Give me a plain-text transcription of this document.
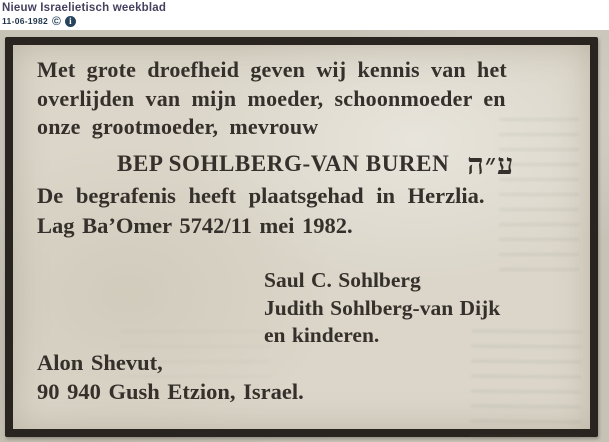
Nieuw Israelietisch weekblad
11-06-1982 © i
Met grote droefheid geven wij kennis van het
overlijden van mijn moeder, schoonmoeder en
onze grootmoeder, mevrouw
BEP SOHLBERG-VAN BUREN ע״ה
De begrafenis heeft plaatsgehad in Herzlia.
Lag Ba’Omer 5742/11 mei 1982.
Saul C. Sohlberg
Judith Sohlberg-van Dijk
en kinderen.
Alon Shevut,
90 940 Gush Etzion, Israel.
